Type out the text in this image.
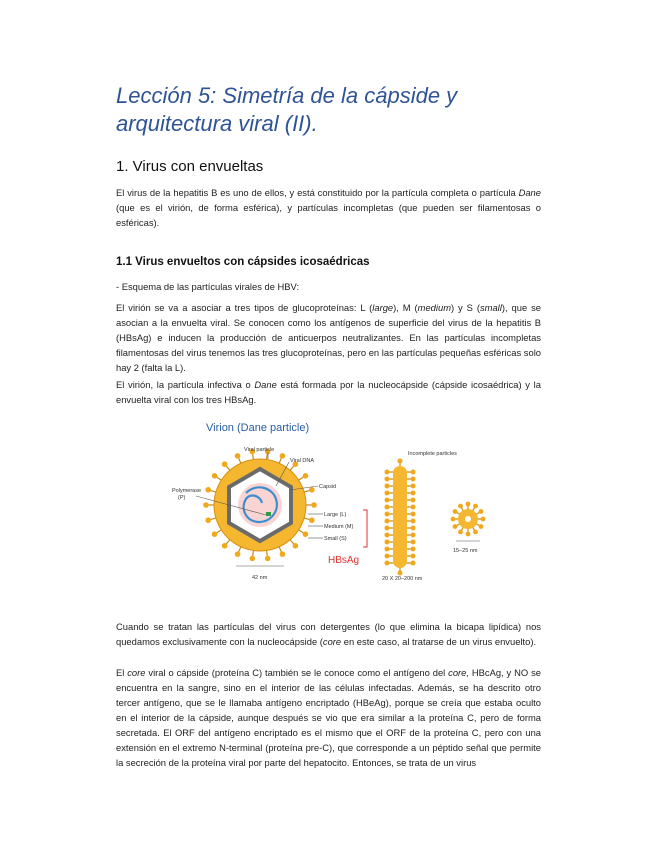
Lección 5: Simetría de la cápside y
arquitectura viral (II).
1. Virus con envueltas

El virus de la hepatitis B es uno de ellos, y está constituido por la partícula completa o partícula Dane (que es el virión, de forma esférica), y partículas incompletas (que pueden ser filamentosas o esféricas).

1.1 Virus envueltos con cápsides icosaédricas

- Esquema de las partículas virales de HBV:

El virión se va a asociar a tres tipos de glucoproteínas: L (large), M (medium) y S (small), que se asocian a la envuelta viral. Se conocen como los antígenos de superficie del virus de la hepatitis B (HBsAg) e inducen la producción de anticuerpos neutralizantes. En las partículas incompletas filamentosas del virus tenemos las tres glucoproteínas, pero en las partículas pequeñas esféricas solo hay 2 (falta la L).

El virión, la partícula infectiva o Dane está formada por la nucleocápside (cápside icosaédrica) y la envuelta viral con los tres HBsAg.

Virion (Dane particle)
Viral particle
Viral DNA
Capsid
Polymerase
(P)
Large (L)
Medium (M)
Small (S)
HBsAg
42 nm
Incomplete particles
20 X 20–200 nm
15–25 nm

Cuando se tratan las partículas del virus con detergentes (lo que elimina la bicapa lipídica) nos quedamos exclusivamente con la nucleocápside (core en este caso, al tratarse de un virus envuelto).

El core viral o cápside (proteína C) también se le conoce como el antígeno del core, HBcAg, y NO se encuentra en la sangre, sino en el interior de las células infectadas. Además, se ha descrito otro tercer antígeno, que se le llamaba antígeno encriptado (HBeAg), porque se creía que estaba oculto en el interior de la cápside, aunque después se vio que era similar a la proteína C, pero de forma secretada. El ORF del antígeno encriptado es el mismo que el ORF de la proteína C, pero con una extensión en el extremo N-terminal (proteína pre-C), que corresponde a un péptido señal que permite la secreción de la proteína viral por parte del hepatocito. Entonces, se trata de un virus
